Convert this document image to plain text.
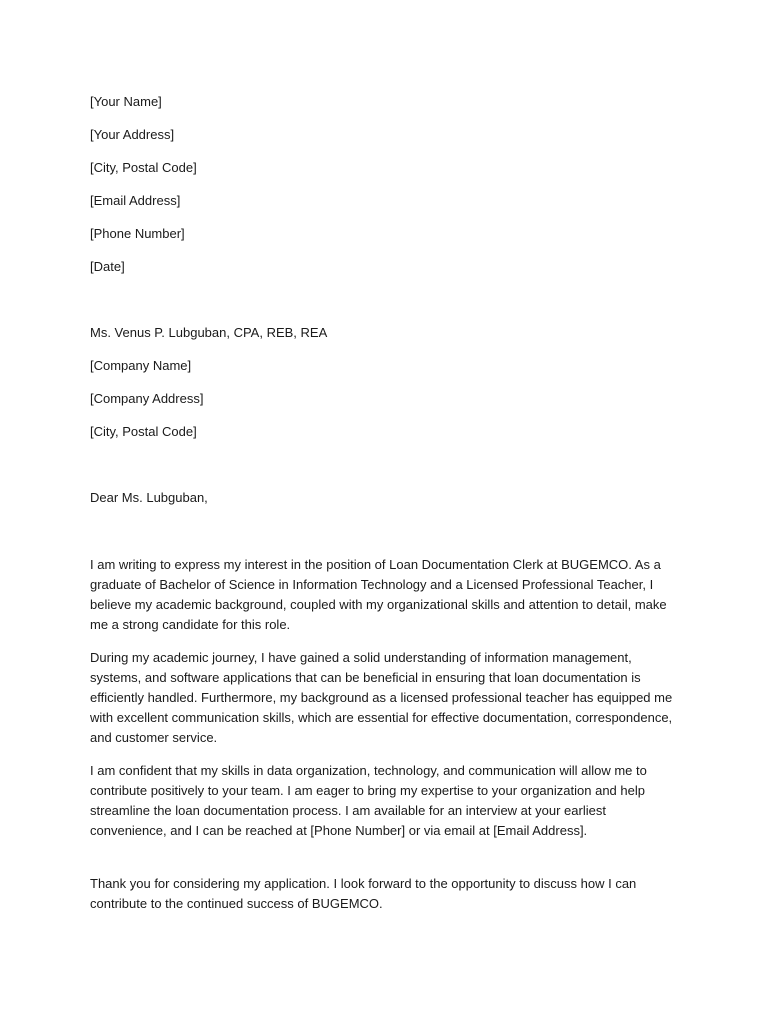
[Your Name]

[Your Address]

[City, Postal Code]

[Email Address]

[Phone Number]

[Date]

Ms. Venus P. Lubguban, CPA, REB, REA

[Company Name]

[Company Address]

[City, Postal Code]

Dear Ms. Lubguban,

I am writing to express my interest in the position of Loan Documentation Clerk at BUGEMCO. As a graduate of Bachelor of Science in Information Technology and a Licensed Professional Teacher, I believe my academic background, coupled with my organizational skills and attention to detail, make me a strong candidate for this role.

During my academic journey, I have gained a solid understanding of information management, systems, and software applications that can be beneficial in ensuring that loan documentation is efficiently handled. Furthermore, my background as a licensed professional teacher has equipped me with excellent communication skills, which are essential for effective documentation, correspondence, and customer service.

I am confident that my skills in data organization, technology, and communication will allow me to contribute positively to your team. I am eager to bring my expertise to your organization and help streamline the loan documentation process. I am available for an interview at your earliest convenience, and I can be reached at [Phone Number] or via email at [Email Address].

Thank you for considering my application. I look forward to the opportunity to discuss how I can contribute to the continued success of BUGEMCO.
